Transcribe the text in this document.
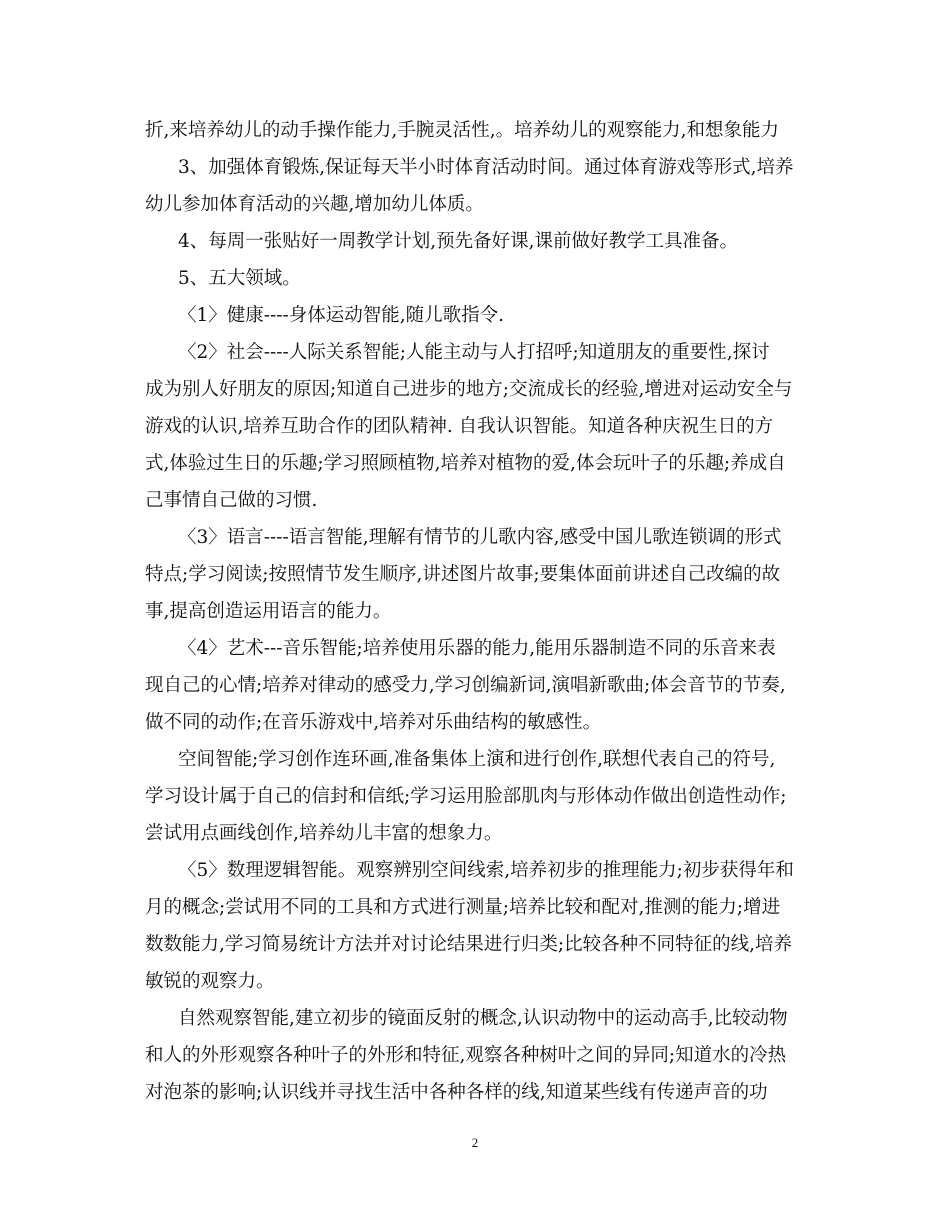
折,来培养幼儿的动手操作能力,手腕灵活性,。培养幼儿的观察能力,和想象能力
3、加强体育锻炼,保证每天半小时体育活动时间。通过体育游戏等形式,培养
幼儿参加体育活动的兴趣,增加幼儿体质。
4、每周一张贴好一周教学计划,预先备好课,课前做好教学工具准备。
5、五大领域。
〈1〉健康----身体运动智能,随儿歌指令.
〈2〉社会----人际关系智能;人能主动与人打招呼;知道朋友的重要性,探讨
成为别人好朋友的原因;知道自己进步的地方;交流成长的经验,增进对运动安全与
游戏的认识,培养互助合作的团队精神. 自我认识智能。知道各种庆祝生日的方
式,体验过生日的乐趣;学习照顾植物,培养对植物的爱,体会玩叶子的乐趣;养成自
己事情自己做的习惯.
〈3〉语言----语言智能,理解有情节的儿歌内容,感受中国儿歌连锁调的形式
特点;学习阅读;按照情节发生顺序,讲述图片故事;要集体面前讲述自己改编的故
事,提高创造运用语言的能力。
〈4〉艺术---音乐智能;培养使用乐器的能力,能用乐器制造不同的乐音来表
现自己的心情;培养对律动的感受力,学习创编新词,演唱新歌曲;体会音节的节奏,
做不同的动作;在音乐游戏中,培养对乐曲结构的敏感性。
空间智能;学习创作连环画,准备集体上演和进行创作,联想代表自己的符号,
学习设计属于自己的信封和信纸;学习运用脸部肌肉与形体动作做出创造性动作;
尝试用点画线创作,培养幼儿丰富的想象力。
〈5〉数理逻辑智能。观察辨别空间线索,培养初步的推理能力;初步获得年和
月的概念;尝试用不同的工具和方式进行测量;培养比较和配对,推测的能力;增进
数数能力,学习简易统计方法并对讨论结果进行归类;比较各种不同特征的线,培养
敏锐的观察力。
自然观察智能,建立初步的镜面反射的概念,认识动物中的运动高手,比较动物
和人的外形观察各种叶子的外形和特征,观察各种树叶之间的异同;知道水的冷热
对泡茶的影响;认识线并寻找生活中各种各样的线,知道某些线有传递声音的功
2
